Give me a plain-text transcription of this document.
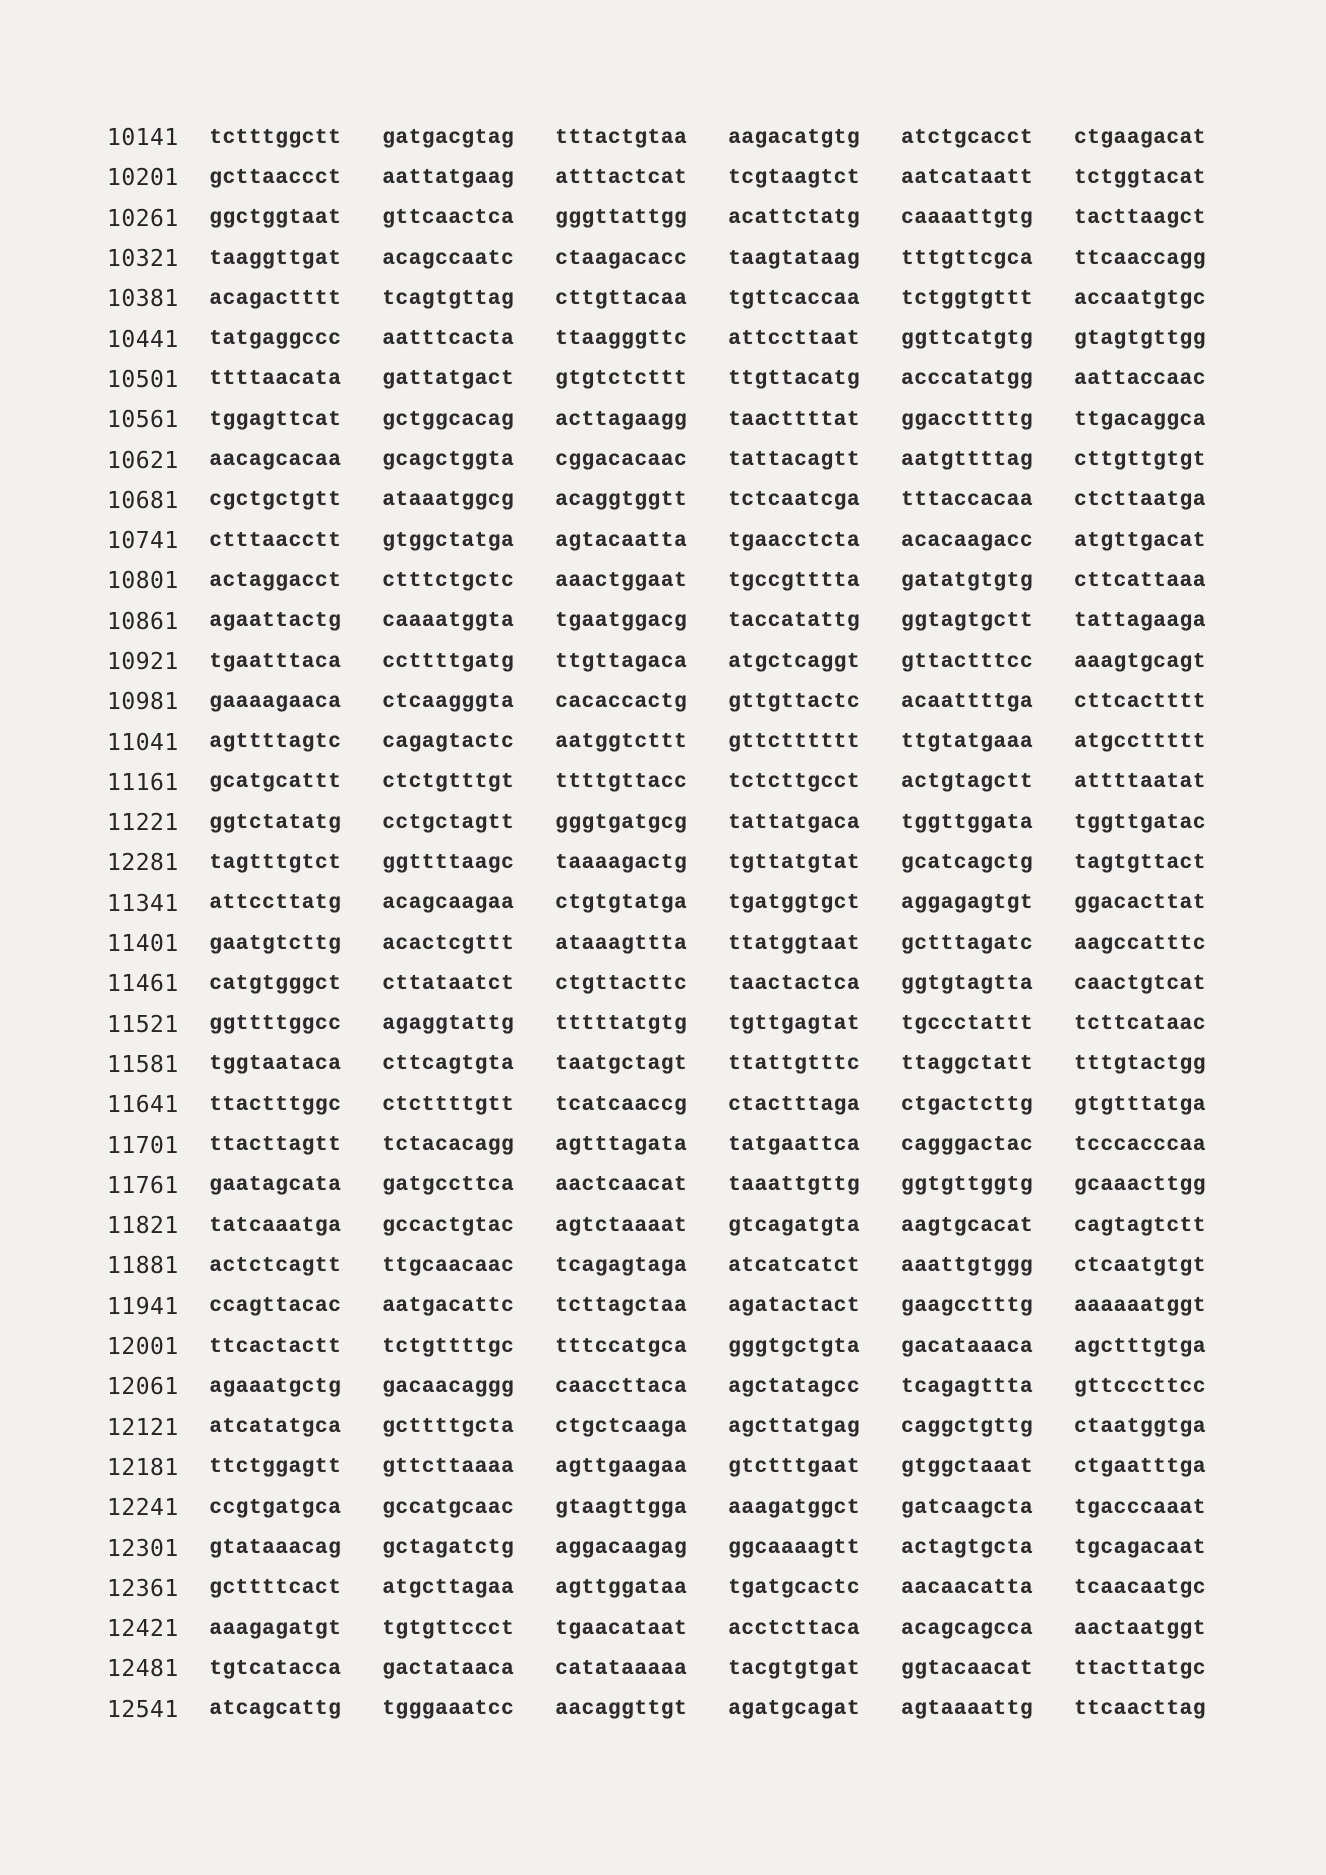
10141	tctttggctt	gatgacgtag	tttactgtaa	aagacatgtg	atctgcacct	ctgaagacat
10201	gcttaaccct	aattatgaag	atttactcat	tcgtaagtct	aatcataatt	tctggtacat
10261	ggctggtaat	gttcaactca	gggttattgg	acattctatg	caaaattgtg	tacttaagct
10321	taaggttgat	acagccaatc	ctaagacacc	taagtataag	tttgttcgca	ttcaaccagg
10381	acagactttt	tcagtgttag	cttgttacaa	tgttcaccaa	tctggtgttt	accaatgtgc
10441	tatgaggccc	aatttcacta	ttaagggttc	attccttaat	ggttcatgtg	gtagtgttgg
10501	ttttaacata	gattatgact	gtgtctcttt	ttgttacatg	acccatatgg	aattaccaac
10561	tggagttcat	gctggcacag	acttagaagg	taacttttat	ggaccttttg	ttgacaggca
10621	aacagcacaa	gcagctggta	cggacacaac	tattacagtt	aatgttttag	cttgttgtgt
10681	cgctgctgtt	ataaatggcg	acaggtggtt	tctcaatcga	tttaccacaa	ctcttaatga
10741	ctttaacctt	gtggctatga	agtacaatta	tgaacctcta	acacaagacc	atgttgacat
10801	actaggacct	ctttctgctc	aaactggaat	tgccgtttta	gatatgtgtg	cttcattaaa
10861	agaattactg	caaaatggta	tgaatggacg	taccatattg	ggtagtgctt	tattagaaga
10921	tgaatttaca	ccttttgatg	ttgttagaca	atgctcaggt	gttactttcc	aaagtgcagt
10981	gaaaagaaca	ctcaagggta	cacaccactg	gttgttactc	acaattttga	cttcactttt
11041	agttttagtc	cagagtactc	aatggtcttt	gttctttttt	ttgtatgaaa	atgccttttt
11161	gcatgcattt	ctctgtttgt	ttttgttacc	tctcttgcct	actgtagctt	attttaatat
11221	ggtctatatg	cctgctagtt	gggtgatgcg	tattatgaca	tggttggata	tggttgatac
12281	tagtttgtct	ggttttaagc	taaaagactg	tgttatgtat	gcatcagctg	tagtgttact
11341	attccttatg	acagcaagaa	ctgtgtatga	tgatggtgct	aggagagtgt	ggacacttat
11401	gaatgtcttg	acactcgttt	ataaagttta	ttatggtaat	gctttagatc	aagccatttc
11461	catgtgggct	cttataatct	ctgttacttc	taactactca	ggtgtagtta	caactgtcat
11521	ggttttggcc	agaggtattg	tttttatgtg	tgttgagtat	tgccctattt	tcttcataac
11581	tggtaataca	cttcagtgta	taatgctagt	ttattgtttc	ttaggctatt	tttgtactgg
11641	ttactttggc	ctcttttgtt	tcatcaaccg	ctactttaga	ctgactcttg	gtgtttatga
11701	ttacttagtt	tctacacagg	agtttagata	tatgaattca	cagggactac	tcccacccaa
11761	gaatagcata	gatgccttca	aactcaacat	taaattgttg	ggtgttggtg	gcaaacttgg
11821	tatcaaatga	gccactgtac	agtctaaaat	gtcagatgta	aagtgcacat	cagtagtctt
11881	actctcagtt	ttgcaacaac	tcagagtaga	atcatcatct	aaattgtggg	ctcaatgtgt
11941	ccagttacac	aatgacattc	tcttagctaa	agatactact	gaagcctttg	aaaaaatggt
12001	ttcactactt	tctgttttgc	tttccatgca	gggtgctgta	gacataaaca	agctttgtga
12061	agaaatgctg	gacaacaggg	caaccttaca	agctatagcc	tcagagttta	gttcccttcc
12121	atcatatgca	gcttttgcta	ctgctcaaga	agcttatgag	caggctgttg	ctaatggtga
12181	ttctggagtt	gttcttaaaa	agttgaagaa	gtctttgaat	gtggctaaat	ctgaatttga
12241	ccgtgatgca	gccatgcaac	gtaagttgga	aaagatggct	gatcaagcta	tgacccaaat
12301	gtataaacag	gctagatctg	aggacaagag	ggcaaaagtt	actagtgcta	tgcagacaat
12361	gcttttcact	atgcttagaa	agttggataa	tgatgcactc	aacaacatta	tcaacaatgc
12421	aaagagatgt	tgtgttccct	tgaacataat	acctcttaca	acagcagcca	aactaatggt
12481	tgtcatacca	gactataaca	catataaaaa	tacgtgtgat	ggtacaacat	ttacttatgc
12541	atcagcattg	tgggaaatcc	aacaggttgt	agatgcagat	agtaaaattg	ttcaacttag
